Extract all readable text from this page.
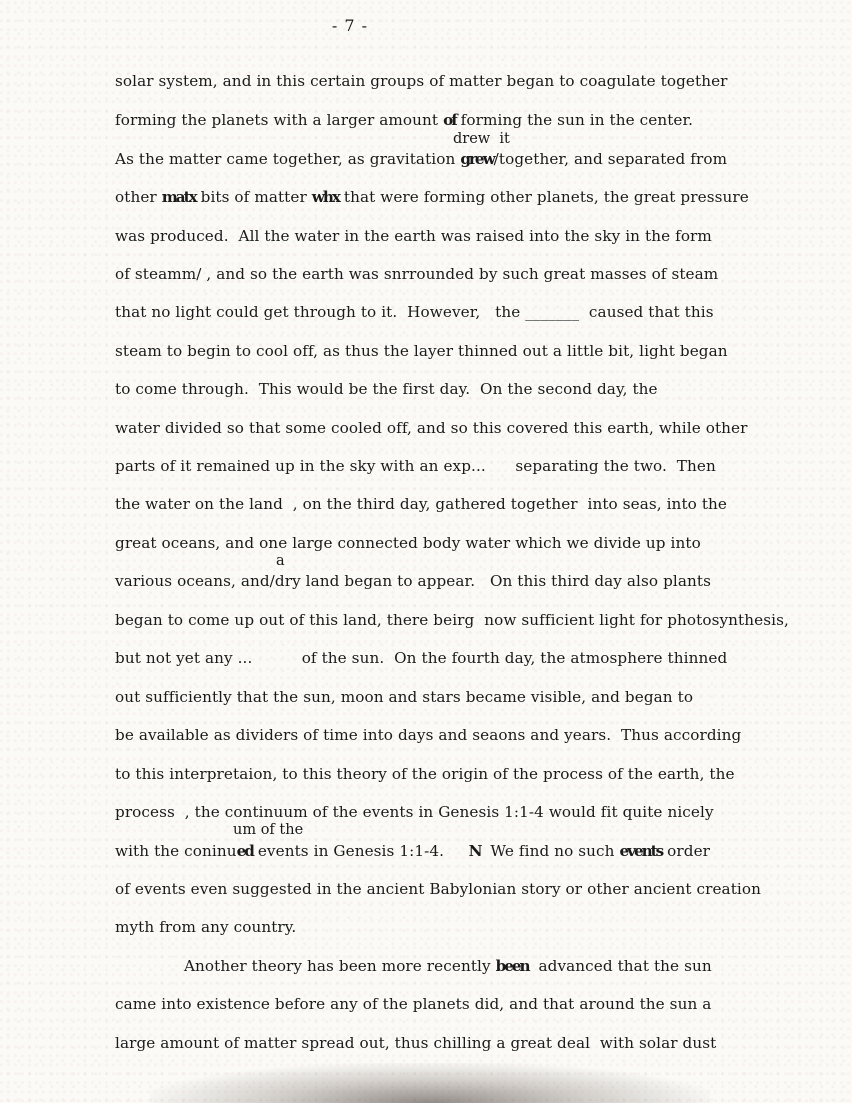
- 7 -
solar system, and in this certain groups of matter began to coagulate together
forming the planets with a larger amount of forming the sun in the center.
As the matter came together, as gravitation grew/together, and separated from
drew  it
other matx bits of matter whx that were forming other planets, the great pressure
was produced.  All the water in the earth was raised into the sky in the form
of steamm/ , and so the earth was snrrounded by such great masses of steam
that no light could get through to it.  However,   the _______  caused that this
steam to begin to cool off, as thus the layer thinned out a little bit, light began
to come through.  This would be the first day.  On the second day, the
water divided so that some cooled off, and so this covered this earth, while other
parts of it remained up in the sky with an exp...      separating the two.  Then
the water on the land  , on the third day, gathered together  into seas, into the
great oceans, and one large connected body water which we divide up into
various oceans, and/dry land began to appear.   On this third day also plants
a
began to come up out of this land, there beirg  now sufficient light for photosynthesis,
but not yet any ...          of the sun.  On the fourth day, the atmosphere thinned
out sufficiently that the sun, moon and stars became visible, and began to
be available as dividers of time into days and seaons and years.  Thus according
to this interpretaion, to this theory of the origin of the process of the earth, the
process  , the continuum of the events in Genesis 1:1-4 would fit quite nicely
with the coninued events in Genesis 1:1-4.     N  We find no such events order
um of the
of events even suggested in the ancient Babylonian story or other ancient creation
myth from any country.
Another theory has been more recently been  advanced that the sun
came into existence before any of the planets did, and that around the sun a
large amount of matter spread out, thus chilling a great deal  with solar dust
